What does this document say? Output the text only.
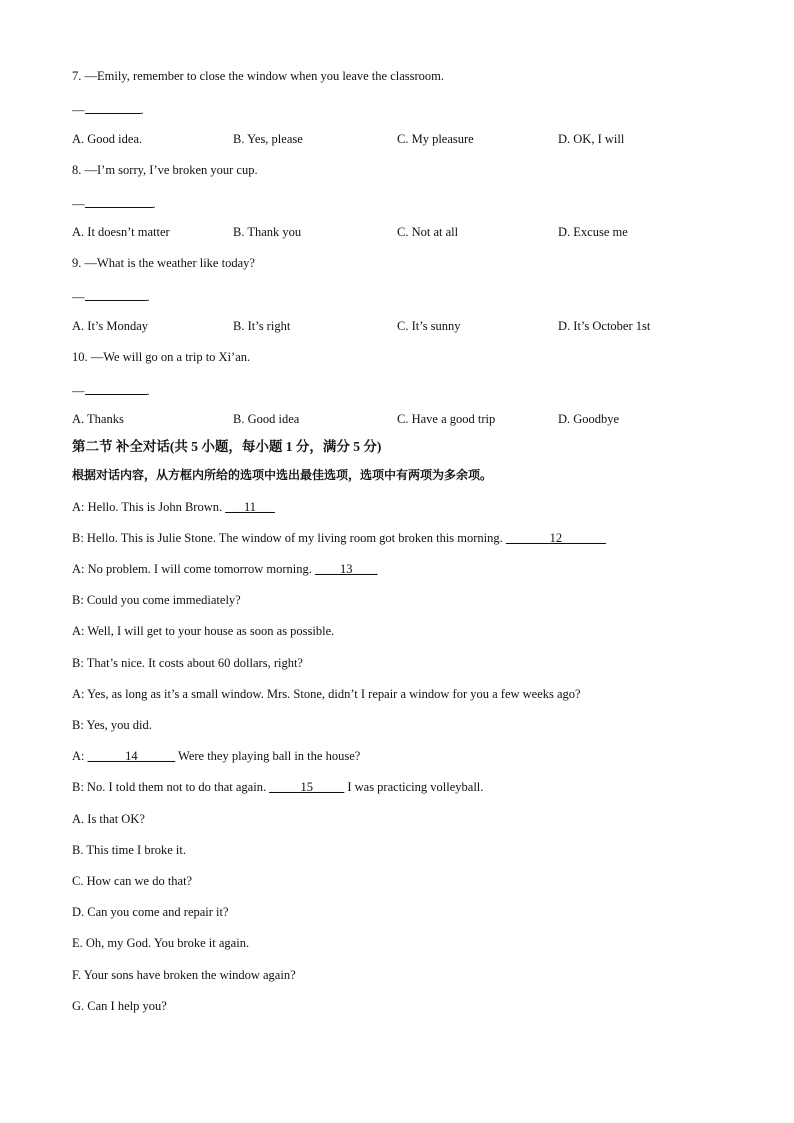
7. —Emily, remember to close the window when you leave the classroom.
—	.
A. Good idea.	B. Yes, please	C. My pleasure	D. OK, I will
8. —I’m sorry, I’ve broken your cup.
—	.
A. It doesn’t matter	B. Thank you	C. Not at all	D. Excuse me
9. —What is the weather like today?
—	.
A. It’s Monday	B. It’s right	C. It’s sunny	D. It’s October 1st
10. —We will go on a trip to Xi’an.
—	.
A. Thanks	B. Good idea	C. Have a good trip	D. Goodbye
第二节 补全对话(共 5 小题，每小题 1 分，满分 5 分)
根据对话内容，从方框内所给的选项中选出最佳选项，选项中有两项为多余项。
A: Hello. This is John Brown. ___11___
B: Hello. This is Julie Stone. The window of my living room got broken this morning. _______12_______
A: No problem. I will come tomorrow morning. ____13____
B: Could you come immediately?
A: Well, I will get to your house as soon as possible.
B: That’s nice. It costs about 60 dollars, right?
A: Yes, as long as it’s a small window. Mrs. Stone, didn’t I repair a window for you a few weeks ago?
B: Yes, you did.
A: ______14______ Were they playing ball in the house?
B: No. I told them not to do that again. _____15_____ I was practicing volleyball.
A. Is that OK?
B. This time I broke it.
C. How can we do that?
D. Can you come and repair it?
E. Oh, my God. You broke it again.
F. Your sons have broken the window again?
G. Can I help you?
